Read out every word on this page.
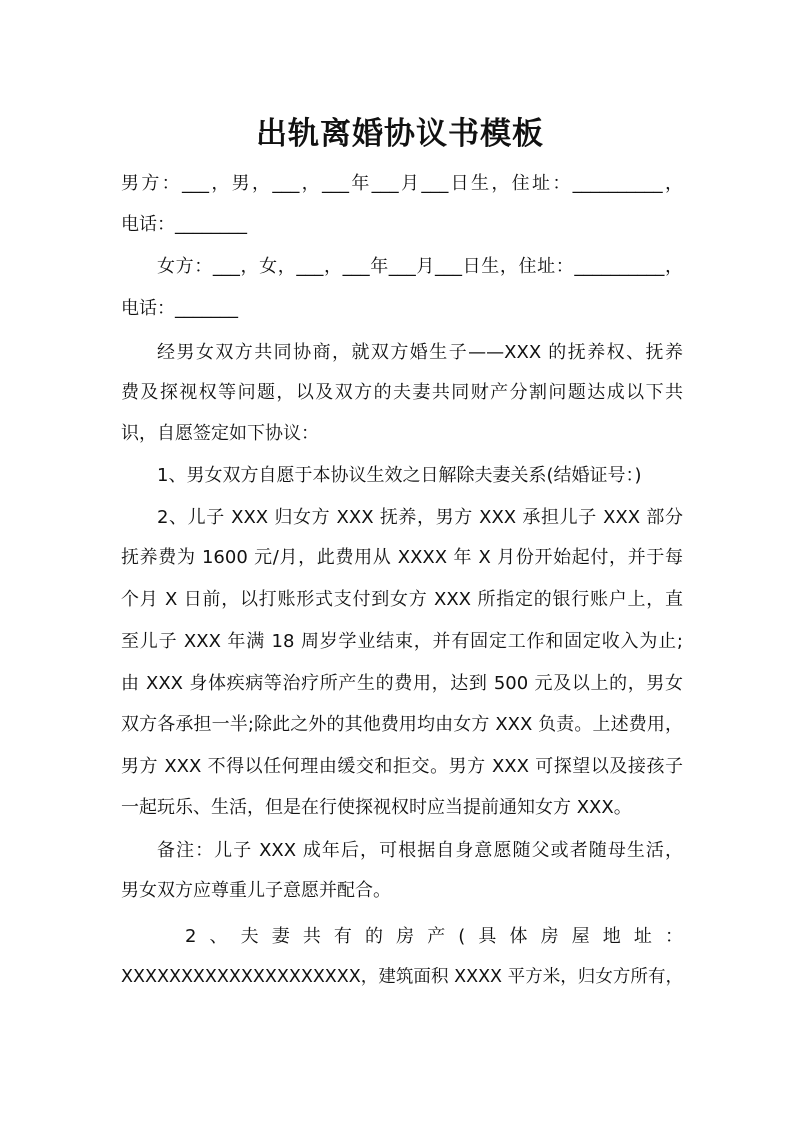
出轨离婚协议书模板
男方：___，男，___，___年___月___日生，住址：__________，
电话：________
女方：___，女，___，___年___月___日生，住址：__________，
电话：_______
经男女双方共同协商，就双方婚生子——XXX 的抚养权、抚养
费及探视权等问题，以及双方的夫妻共同财产分割问题达成以下共
识，自愿签定如下协议：
1、男女双方自愿于本协议生效之日解除夫妻关系(结婚证号：)
2、儿子 XXX 归女方 XXX 抚养，男方 XXX 承担儿子 XXX 部分
抚养费为 1600 元/月，此费用从 XXXX 年 X 月份开始起付，并于每
个月 X 日前，以打账形式支付到女方 XXX 所指定的银行账户上，直
至儿子 XXX 年满 18 周岁学业结束，并有固定工作和固定收入为止;
由 XXX 身体疾病等治疗所产生的费用，达到 500 元及以上的，男女
双方各承担一半;除此之外的其他费用均由女方 XXX 负责。上述费用，
男方 XXX 不得以任何理由缓交和拒交。男方 XXX 可探望以及接孩子
一起玩乐、生活，但是在行使探视权时应当提前通知女方 XXX。
备注：儿子 XXX 成年后，可根据自身意愿随父或者随母生活，
男女双方应尊重儿子意愿并配合。
2、夫妻共有的房产(具体房屋地址：
XXXXXXXXXXXXXXXXXXXX，建筑面积 XXXX 平方米，归女方所有，
